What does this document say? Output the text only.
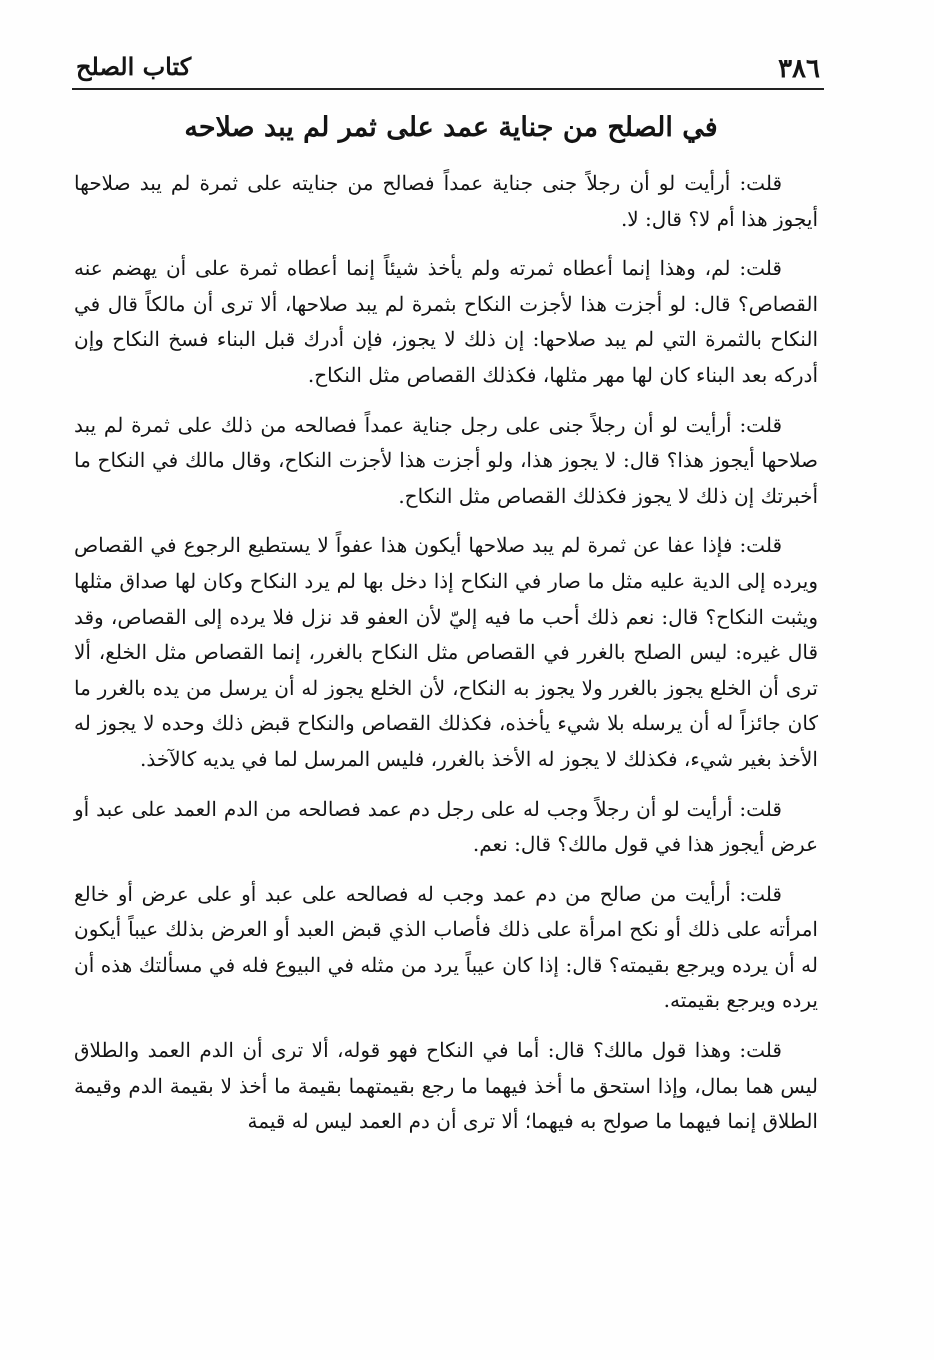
٣٨٦
كتاب الصلح
في الصلح من جناية عمد على ثمر لم يبد صلاحه

قلت: أرأيت لو أن رجلاً جنى جناية عمداً فصالح من جنايته على ثمرة لم يبد صلاحها أيجوز هذا أم لا؟ قال: لا.

قلت: لم، وهذا إنما أعطاه ثمرته ولم يأخذ شيئاً إنما أعطاه ثمرة على أن يهضم عنه القصاص؟ قال: لو أجزت هذا لأجزت النكاح بثمرة لم يبد صلاحها، ألا ترى أن مالكاً قال في النكاح بالثمرة التي لم يبد صلاحها: إن ذلك لا يجوز، فإن أدرك قبل البناء فسخ النكاح وإن أدركه بعد البناء كان لها مهر مثلها، فكذلك القصاص مثل النكاح.

قلت: أرأيت لو أن رجلاً جنى على رجل جناية عمداً فصالحه من ذلك على ثمرة لم يبد صلاحها أيجوز هذا؟ قال: لا يجوز هذا، ولو أجزت هذا لأجزت النكاح، وقال مالك في النكاح ما أخبرتك إن ذلك لا يجوز فكذلك القصاص مثل النكاح.

قلت: فإذا عفا عن ثمرة لم يبد صلاحها أيكون هذا عفواً لا يستطيع الرجوع في القصاص ويرده إلى الدية عليه مثل ما صار في النكاح إذا دخل بها لم يرد النكاح وكان لها صداق مثلها ويثبت النكاح؟ قال: نعم ذلك أحب ما فيه إليّ لأن العفو قد نزل فلا يرده إلى القصاص، وقد قال غيره: ليس الصلح بالغرر في القصاص مثل النكاح بالغرر، إنما القصاص مثل الخلع، ألا ترى أن الخلع يجوز بالغرر ولا يجوز به النكاح، لأن الخلع يجوز له أن يرسل من يده بالغرر ما كان جائزاً له أن يرسله بلا شيء يأخذه، فكذلك القصاص والنكاح قبض ذلك وحده لا يجوز له الأخذ بغير شيء، فكذلك لا يجوز له الأخذ بالغرر، فليس المرسل لما في يديه كالآخذ.

قلت: أرأيت لو أن رجلاً وجب له على رجل دم عمد فصالحه من الدم العمد على عبد أو عرض أيجوز هذا في قول مالك؟ قال: نعم.

قلت: أرأيت من صالح من دم عمد وجب له فصالحه على عبد أو على عرض أو خالع امرأته على ذلك أو نكح امرأة على ذلك فأصاب الذي قبض العبد أو العرض بذلك عيباً أيكون له أن يرده ويرجع بقيمته؟ قال: إذا كان عيباً يرد من مثله في البيوع فله في مسألتك هذه أن يرده ويرجع بقيمته.

قلت: وهذا قول مالك؟ قال: أما في النكاح فهو قوله، ألا ترى أن الدم العمد والطلاق ليس هما بمال، وإذا استحق ما أخذ فيهما ما رجع بقيمتهما بقيمة ما أخذ لا بقيمة الدم وقيمة الطلاق إنما فيهما ما صولح به فيهما؛ ألا ترى أن دم العمد ليس له قيمة
